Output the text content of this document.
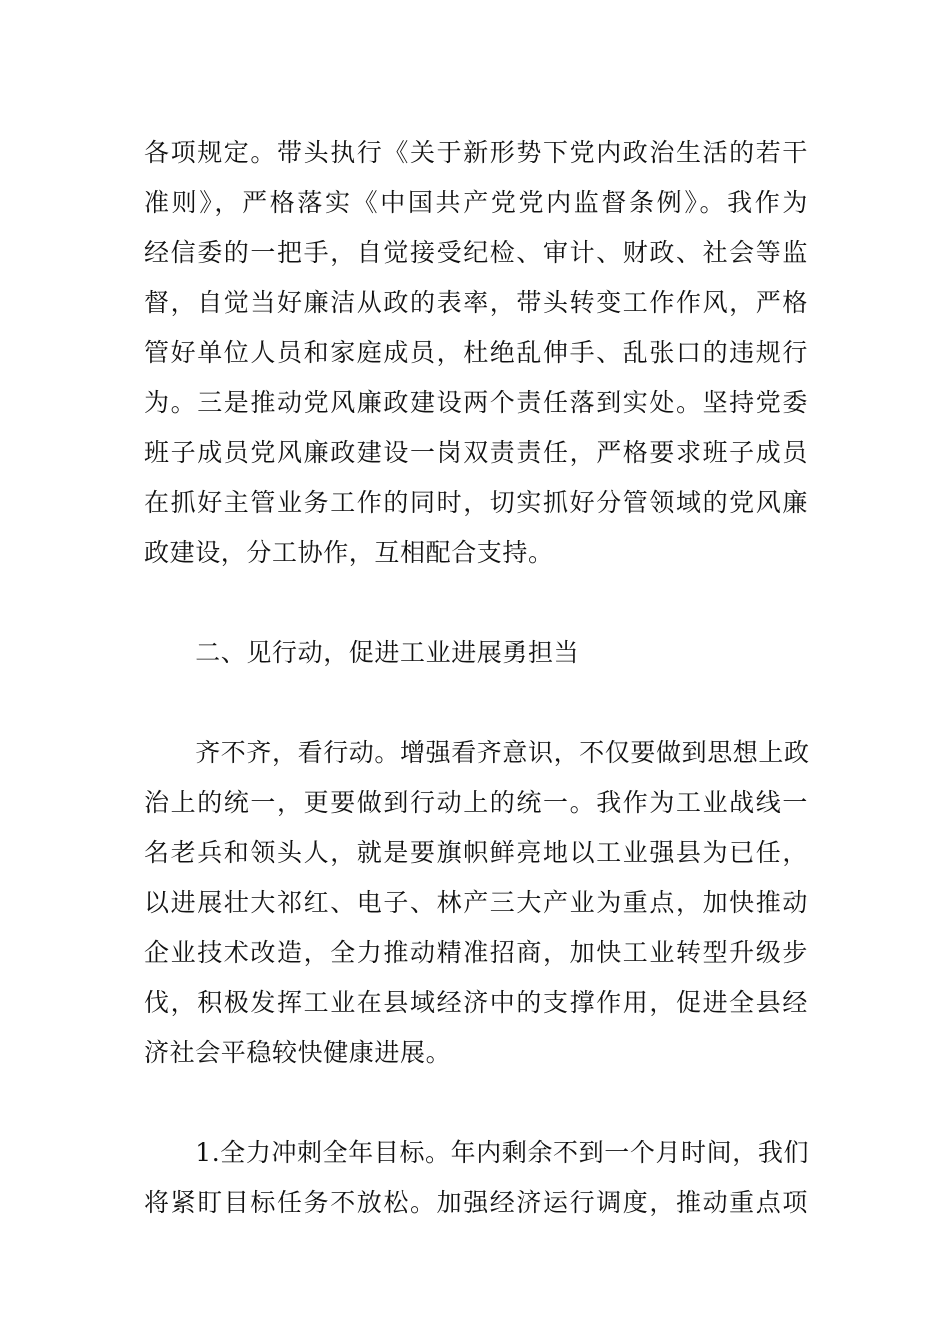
各项规定。带头执行《关于新形势下党内政治生活的若干
准则》，严格落实《中国共产党党内监督条例》。我作为
经信委的一把手，自觉接受纪检、审计、财政、社会等监
督，自觉当好廉洁从政的表率，带头转变工作作风，严格
管好单位人员和家庭成员，杜绝乱伸手、乱张口的违规行
为。三是推动党风廉政建设两个责任落到实处。坚持党委
班子成员党风廉政建设一岗双责责任，严格要求班子成员
在抓好主管业务工作的同时，切实抓好分管领域的党风廉
政建设，分工协作，互相配合支持。
　　二、见行动，促进工业进展勇担当
　　齐不齐，看行动。增强看齐意识，不仅要做到思想上政
治上的统一，更要做到行动上的统一。我作为工业战线一
名老兵和领头人，就是要旗帜鲜亮地以工业强县为已任，
以进展壮大祁红、电子、林产三大产业为重点，加快推动
企业技术改造，全力推动精准招商，加快工业转型升级步
伐，积极发挥工业在县域经济中的支撑作用，促进全县经
济社会平稳较快健康进展。
　　1.全力冲刺全年目标。年内剩余不到一个月时间，我们
将紧盯目标任务不放松。加强经济运行调度，推动重点项
